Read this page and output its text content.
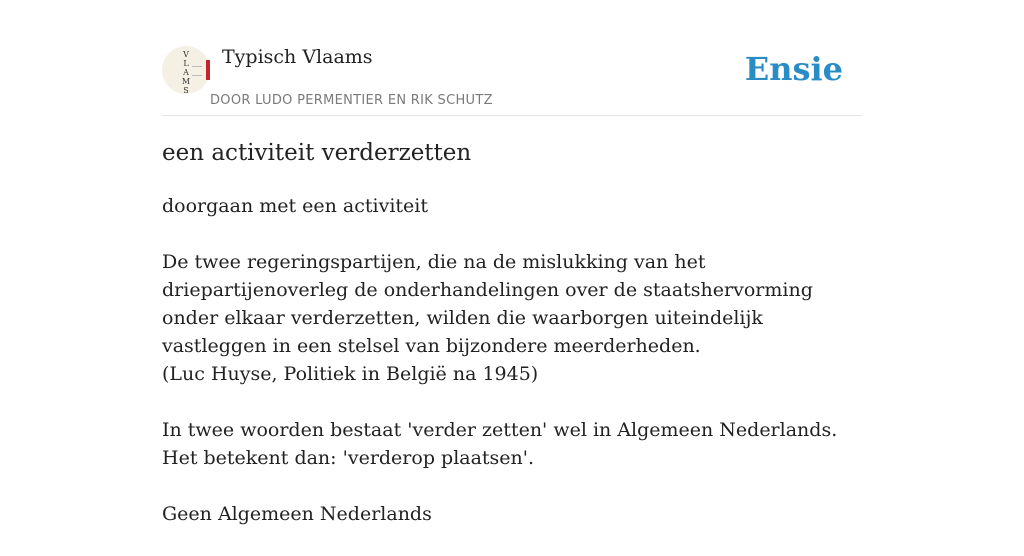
V
L
A
M
S
Typisch Vlaams
DOOR LUDO PERMENTIER EN RIK SCHUTZ
Ensie
een activiteit verderzetten

doorgaan met een activiteit

De twee regeringspartijen, die na de mislukking van het driepartijenoverleg de onderhandelingen over de staatshervorming onder elkaar verderzetten, wilden die waarborgen uiteindelijk vastleggen in een stelsel van bijzondere meerderheden.
(Luc Huyse, Politiek in België na 1945)

In twee woorden bestaat 'verder zetten' wel in Algemeen Nederlands. Het betekent dan: 'verderop plaatsen'.

Geen Algemeen Nederlands
